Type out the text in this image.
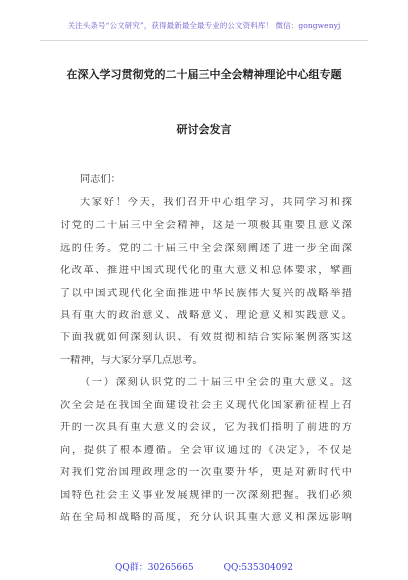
关注头条号“公文研究”，获得最新最全最专业的公文资料库！ 微信：gongwenyj
在深入学习贯彻党的二十届三中全会精神理论中心组专题
研讨会发言
同志们：
大家好！今天，我们召开中心组学习，共同学习和探
讨党的二十届三中全会精神，这是一项极其重要且意义深
远的任务。党的二十届三中全会深刻阐述了进一步全面深
化改革、推进中国式现代化的重大意义和总体要求，擘画
了以中国式现代化全面推进中华民族伟大复兴的战略举措
具有重大的政治意义、战略意义、理论意义和实践意义。
下面我就如何深刻认识、有效贯彻和结合实际案例落实这
一精神，与大家分享几点思考。
（一）深刻认识党的二十届三中全会的重大意义。这
次全会是在我国全面建设社会主义现代化国家新征程上召
开的一次具有重大意义的会议，它为我们指明了前进的方
向，提供了根本遵循。全会审议通过的《决定》，不仅是
对我们党治国理政理念的一次重要升华，更是对新时代中
国特色社会主义事业发展规律的一次深刻把握。我们必须
站在全局和战略的高度，充分认识其重大意义和深远影响
QQ群：30265665	QQ:535304092
